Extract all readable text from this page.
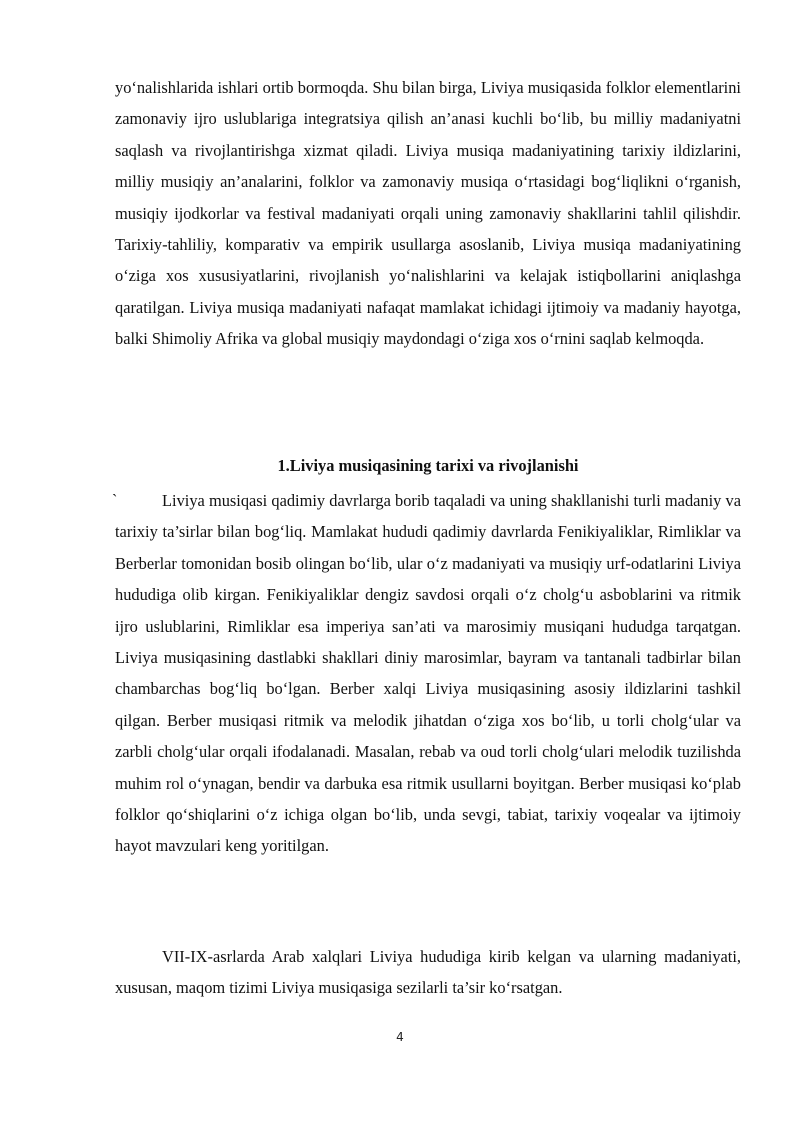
yo‘nalishlarida ishlari ortib bormoqda. Shu bilan birga, Liviya musiqasida folklor elementlarini zamonaviy ijro uslublariga integratsiya qilish an’anasi kuchli bo‘lib, bu milliy madaniyatni saqlash va rivojlantirishga xizmat qiladi. Liviya musiqa madaniyatining tarixiy ildizlarini, milliy musiqiy an’analarini, folklor va zamonaviy musiqa o‘rtasidagi bog‘liqlikni o‘rganish, musiqiy ijodkorlar va festival madaniyati orqali uning zamonaviy shakllarini tahlil qilishdir. Tarixiy-tahliliy, komparativ va empirik usullarga asoslanib, Liviya musiqa madaniyatining o‘ziga xos xususiyatlarini, rivojlanish yo‘nalishlarini va kelajak istiqbollarini aniqlashga qaratilgan. Liviya musiqa madaniyati nafaqat mamlakat ichidagi ijtimoiy va madaniy hayotga, balki Shimoliy Afrika va global musiqiy maydondagi o‘ziga xos o‘rnini saqlab kelmoqda.

1.Liviya musiqasining tarixi va rivojlanishi
`	Liviya musiqasi qadimiy davrlarga borib taqaladi va uning shakllanishi turli madaniy va tarixiy ta’sirlar bilan bog‘liq. Mamlakat hududi qadimiy davrlarda Fenikiyaliklar, Rimliklar va Berberlar tomonidan bosib olingan bo‘lib, ular o‘z madaniyati va musiqiy urf-odatlarini Liviya hududiga olib kirgan. Fenikiyaliklar dengiz savdosi orqali o‘z cholg‘u asboblarini va ritmik ijro uslublarini, Rimliklar esa imperiya san’ati va marosimiy musiqani hududga tarqatgan. Liviya musiqasining dastlabki shakllari diniy marosimlar, bayram va tantanali tadbirlar bilan chambarchas bog‘liq bo‘lgan. Berber xalqi Liviya musiqasining asosiy ildizlarini tashkil qilgan. Berber musiqasi ritmik va melodik jihatdan o‘ziga xos bo‘lib, u torli cholg‘ular va zarbli cholg‘ular orqali ifodalanadi. Masalan, rebab va oud torli cholg‘ulari melodik tuzilishda muhim rol o‘ynagan, bendir va darbuka esa ritmik usullarni boyitgan. Berber musiqasi ko‘plab folklor qo‘shiqlarini o‘z ichiga olgan bo‘lib, unda sevgi, tabiat, tarixiy voqealar va ijtimoiy hayot mavzulari keng yoritilgan.

VII-IX-asrlarda Arab xalqlari Liviya hududiga kirib kelgan va ularning madaniyati, xususan, maqom tizimi Liviya musiqasiga sezilarli ta’sir ko‘rsatgan.

4
